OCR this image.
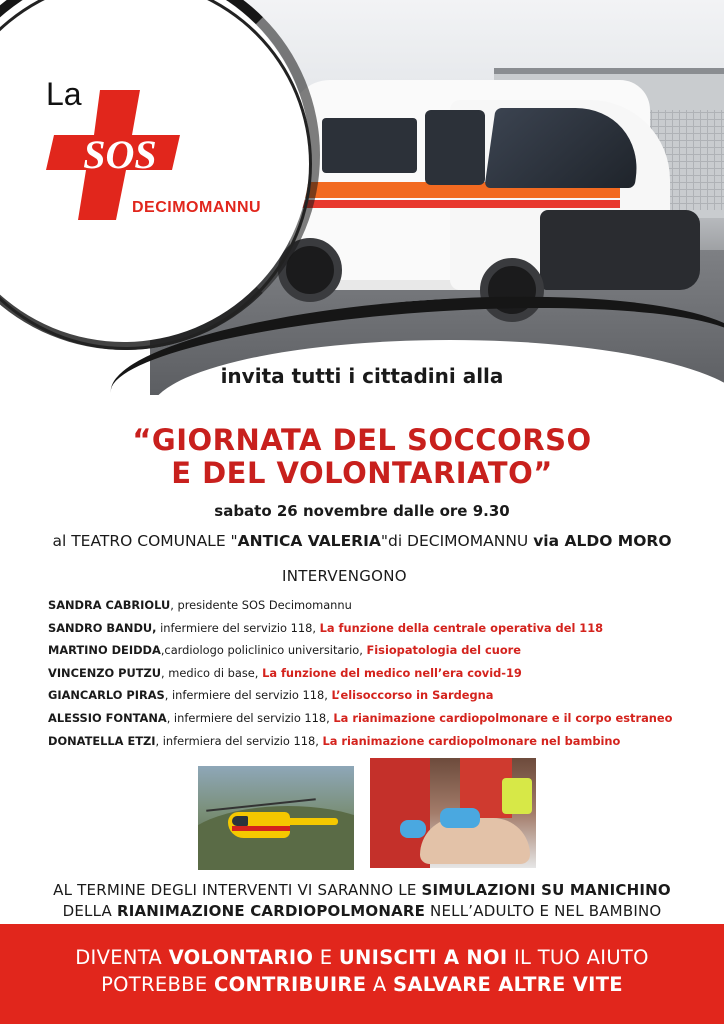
La
SOS
DECIMOMANNU
invita tutti i cittadini alla
“GIORNATA DEL SOCCORSO
E DEL VOLONTARIATO”
sabato 26 novembre dalle ore 9.30
al TEATRO COMUNALE "ANTICA VALERIA"di DECIMOMANNU via ALDO MORO
INTERVENGONO
SANDRA CABRIOLU, presidente SOS Decimomannu
SANDRO BANDU, infermiere del servizio 118, La funzione della centrale operativa del 118
MARTINO DEIDDA,cardiologo policlinico universitario, Fisiopatologia del cuore
VINCENZO PUTZU, medico di base, La funzione del medico nell’era covid-19
GIANCARLO PIRAS, infermiere del servizio 118, L’elisoccorso in Sardegna
ALESSIO FONTANA, infermiere del servizio 118, La rianimazione cardiopolmonare e il corpo estraneo
DONATELLA ETZI, infermiera del servizio 118, La rianimazione cardiopolmonare nel bambino
AL TERMINE DEGLI INTERVENTI VI SARANNO LE SIMULAZIONI SU MANICHINO
DELLA RIANIMAZIONE CARDIOPOLMONARE NELL’ADULTO E NEL BAMBINO
DIVENTA VOLONTARIO E UNISCITI A NOI IL TUO AIUTO
POTREBBE CONTRIBUIRE A SALVARE ALTRE VITE
